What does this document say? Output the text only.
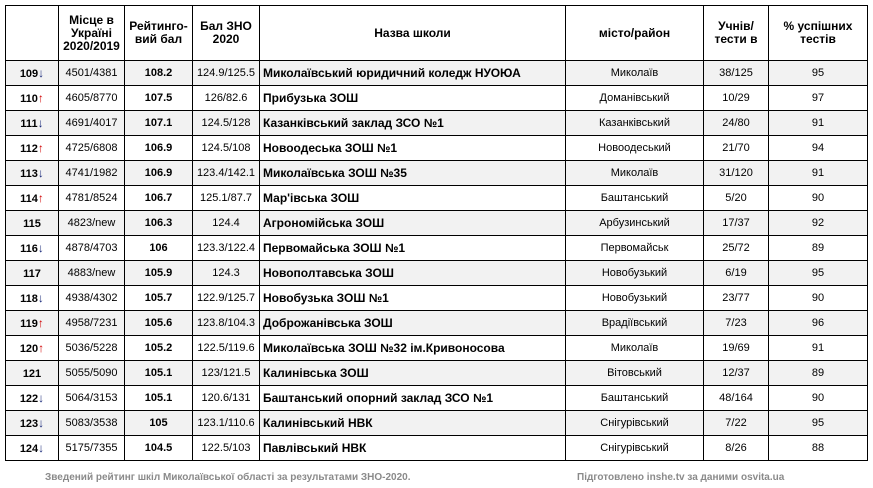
	Місце в Україні 2020/2019	Рейтинго-вий бал	Бал ЗНО 2020	Назва школи	місто/район	Учнів/тести в	% успішних тестів
109↓	4501/4381	108.2	124.9/125.5	Миколаївський юридичний коледж НУОЮА	Миколаїв	38/125	95
110↑	4605/8770	107.5	126/82.6	Прибузька ЗОШ	Доманівський	10/29	97
111↓	4691/4017	107.1	124.5/128	Казанківський заклад ЗСО №1	Казанківський	24/80	91
112↑	4725/6808	106.9	124.5/108	Новоодеська ЗОШ №1	Новоодеський	21/70	94
113↓	4741/1982	106.9	123.4/142.1	Миколаївська ЗОШ №35	Миколаїв	31/120	91
114↑	4781/8524	106.7	125.1/87.7	Мар'івська ЗОШ	Баштанський	5/20	90
115	4823/new	106.3	124.4	Агрономійська ЗОШ	Арбузинський	17/37	92
116↓	4878/4703	106	123.3/122.4	Первомайська ЗОШ №1	Первомайськ	25/72	89
117	4883/new	105.9	124.3	Новополтавська ЗОШ	Новобузький	6/19	95
118↓	4938/4302	105.7	122.9/125.7	Новобузька ЗОШ №1	Новобузький	23/77	90
119↑	4958/7231	105.6	123.8/104.3	Доброжанівська ЗОШ	Врадіївський	7/23	96
120↑	5036/5228	105.2	122.5/119.6	Миколаївська ЗОШ №32 ім.Кривоносова	Миколаїв	19/69	91
121	5055/5090	105.1	123/121.5	Калинівська ЗОШ	Вітовський	12/37	89
122↓	5064/3153	105.1	120.6/131	Баштанський опорний заклад ЗСО №1	Баштанський	48/164	90
123↓	5083/3538	105	123.1/110.6	Калинівський НВК	Снігурівський	7/22	95
124↓	5175/7355	104.5	122.5/103	Павлівський НВК	Снігурівський	8/26	88
Зведений рейтинг шкіл Миколаївської області за результатами ЗНО-2020.	Підготовлено inshe.tv за даними osvita.ua
